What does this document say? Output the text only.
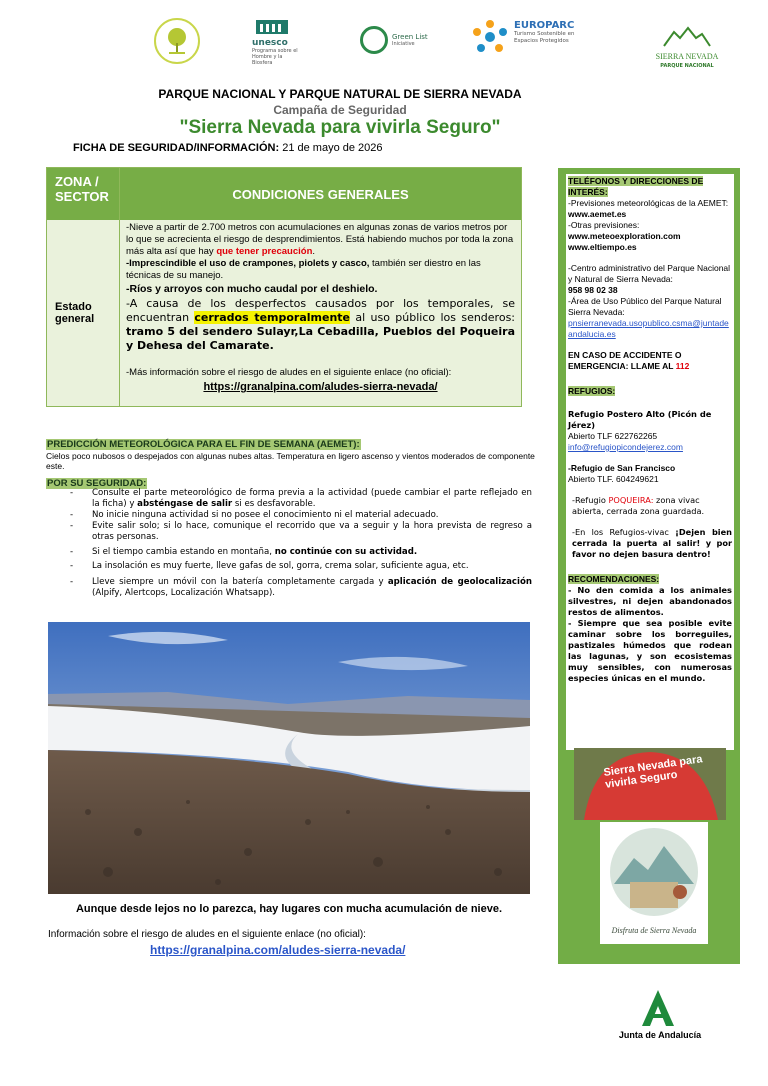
unesco
Programa sobre el Hombre y la Biosfera
Green List
Iniciative
EUROPARC
Turismo Sostenible en Espacios Protegidos
SIERRA NEVADA
PARQUE NACIONAL
PARQUE NACIONAL Y PARQUE NATURAL DE SIERRA NEVADA
Campaña de Seguridad
"Sierra Nevada para vivirla Seguro"
FICHA DE SEGURIDAD/INFORMACIÓN: 21 de mayo de 2026
ZONA / SECTOR	CONDICIONES GENERALES
Estado general
-Nieve a partir de 2.700 metros con acumulaciones en algunas zonas de varios metros por lo que se acrecienta el riesgo de desprendimientos. Está habiendo muchos por toda la zona más alta así que hay que tener precaución.
-Imprescindible el uso de crampones, piolets y casco, también ser diestro en las técnicas de su manejo.
-Ríos y arroyos con mucho caudal por el deshielo.
-A causa de los desperfectos causados por los temporales, se encuentran cerrados temporalmente al uso público los senderos: tramo 5 del sendero Sulayr,La Cebadilla, Pueblos del Poqueira y Dehesa del Camarate.
-Más información sobre el riesgo de aludes en el siguiente enlace (no oficial):
https://granalpina.com/aludes-sierra-nevada/
PREDICCIÓN METEOROLÓGICA PARA EL FIN DE SEMANA (AEMET):
Cielos poco nubosos o despejados con algunas nubes altas. Temperatura en ligero ascenso y vientos moderados de componente este.
POR SU SEGURIDAD:
- Consulte el parte meteorológico de forma previa a la actividad (puede cambiar el parte reflejado en la ficha) y absténgase de salir si es desfavorable.
- No inicie ninguna actividad si no posee el conocimiento ni el material adecuado.
- Evite salir solo; si lo hace, comunique el recorrido que va a seguir y la hora prevista de regreso a otras personas.
- Si el tiempo cambia estando en montaña, no continúe con su actividad.
- La insolación es muy fuerte, lleve gafas de sol, gorra, crema solar, suficiente agua, etc.
- Lleve siempre un móvil con la batería completamente cargada y aplicación de geolocalización (Alpify, Alertcops, Localización Whatsapp).
Aunque desde lejos no lo parezca, hay lugares con mucha acumulación de nieve.
Información sobre el riesgo de aludes en el siguiente enlace (no oficial):
https://granalpina.com/aludes-sierra-nevada/
TELÉFONOS Y DIRECCIONES DE INTERÉS:
-Previsiones meteorológicas de la AEMET: www.aemet.es
-Otras previsiones:
www.meteoexploration.com
www.eltiempo.es
-Centro administrativo del Parque Nacional y Natural de Sierra Nevada:
958 98 02 38
-Área de Uso Público del Parque Natural Sierra Nevada:
pnsierranevada.usopublico.csma@juntadeandalucia.es
EN CASO DE ACCIDENTE O EMERGENCIA: LLAME AL 112
REFUGIOS:
Refugio Postero Alto (Picón de Jérez)
Abierto TLF 622762265
info@refugiopicondejerez.com
-Refugio de San Francisco
Abierto TLF. 604249621
-Refugio POQUEIRA: zona vivac abierta, cerrada zona guardada.
-En los Refugios-vivac ¡Dejen bien cerrada la puerta al salir! y por favor no dejen basura dentro!
RECOMENDACIONES:
- No den comida a los animales silvestres, ni dejen abandonados restos de alimentos.
- Siempre que sea posible evite caminar sobre los borreguiles, pastizales húmedos que rodean las lagunas, y son ecosistemas muy sensibles, con numerosas especies únicas en el mundo.
Sierra Nevada para vivirla Seguro
Disfruta de Sierra Nevada
Junta de Andalucía
